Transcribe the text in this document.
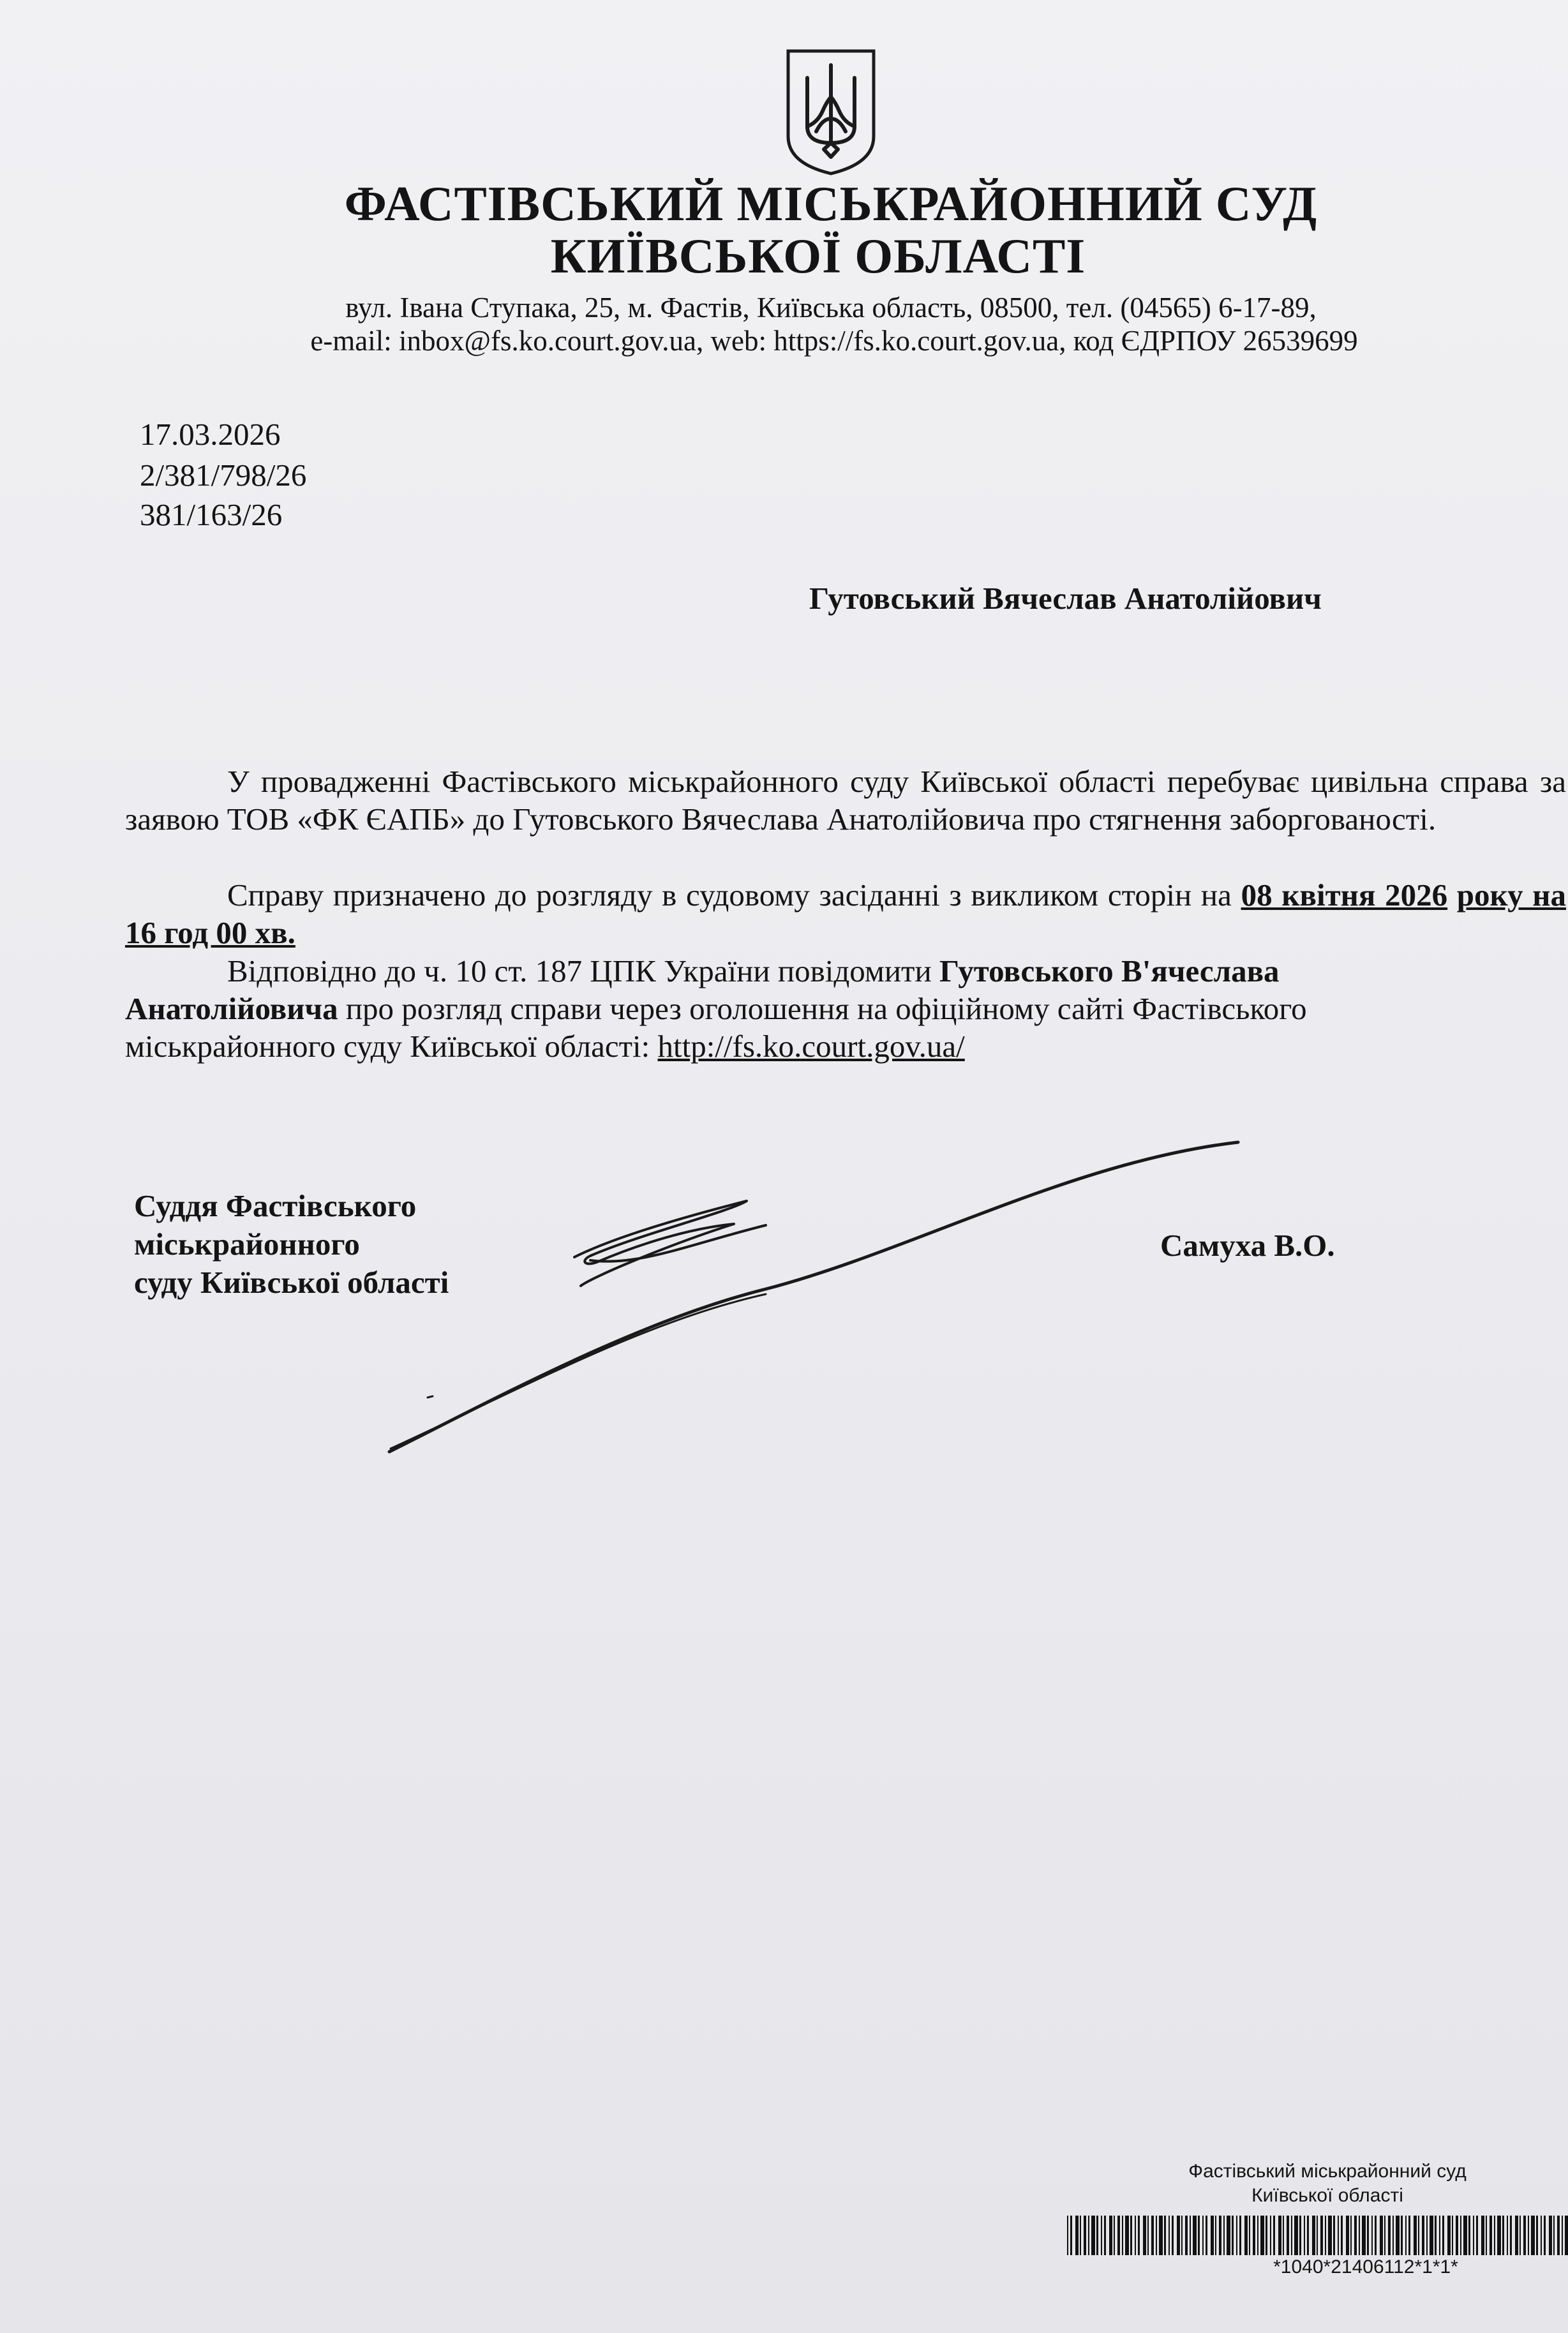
ФАСТІВСЬКИЙ МІСЬКРАЙОННИЙ СУД
КИЇВСЬКОЇ ОБЛАСТІ
вул. Івана Ступака, 25, м. Фастів, Київська область, 08500, тел. (04565) 6-17-89,
e-mail: inbox@fs.ko.court.gov.ua, web: https://fs.ko.court.gov.ua, код ЄДРПОУ 26539699
17.03.2026
2/381/798/26
381/163/26
Гутовський Вячеслав Анатолійович

У провадженні Фастівського міськрайонного суду Київської області перебуває цивільна справа за заявою ТОВ «ФК ЄАПБ» до Гутовського Вячеслава Анатолійовича про стягнення заборгованості.

Справу призначено до розгляду в судовому засіданні з викликом сторін на 08 квітня 2026 року на 16 год 00 хв.

Відповідно до ч. 10 ст. 187 ЦПК України повідомити Гутовського В'ячеслава Анатолійовича про розгляд справи через оголошення на офіційному сайті Фастівського міськрайонного суду Київської області: http://fs.ko.court.gov.ua/

Суддя Фастівського
міськрайонного
суду Київської області
Самуха В.О.
Фастівський міськрайонний суд
Київської області
*1040*21406112*1*1*
